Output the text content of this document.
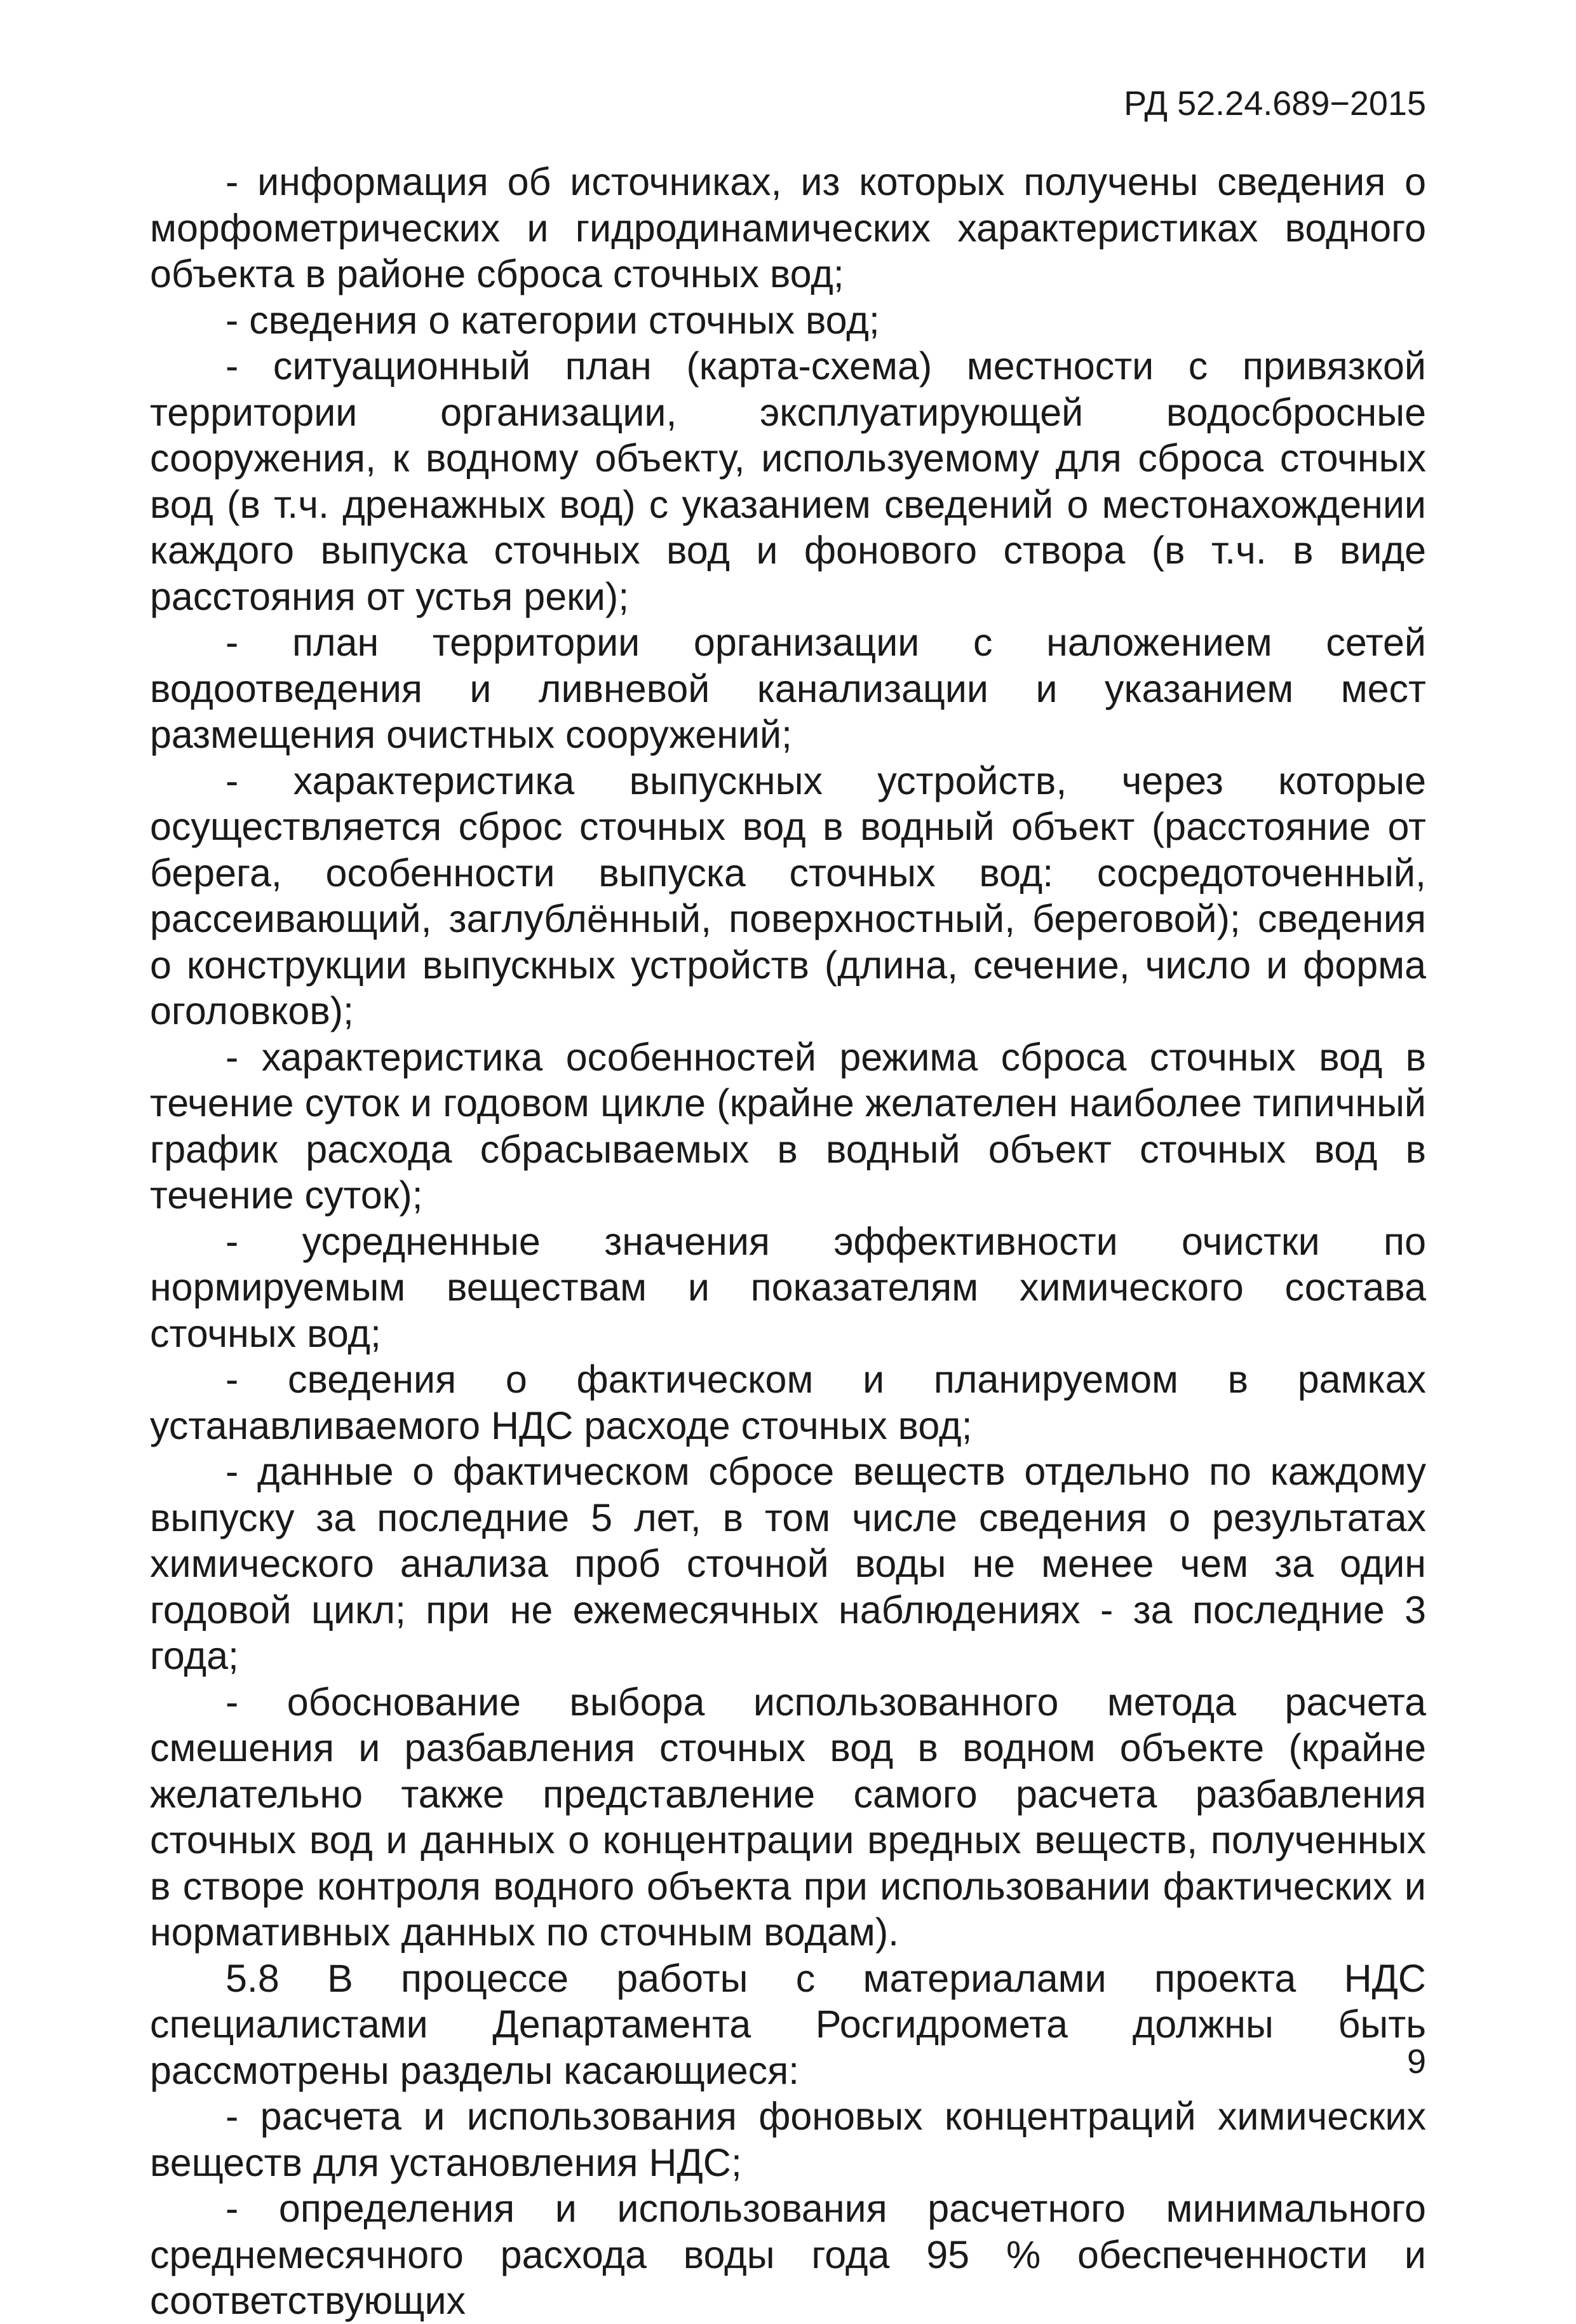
РД 52.24.689−2015

- информация об источниках, из которых получены сведения о морфометрических и гидродинамических характеристиках водного объекта в районе сброса сточных вод;

- сведения о категории сточных вод;

- ситуационный план (карта-схема) местности с привязкой территории организации, эксплуатирующей водосбросные сооружения, к водному объекту, используемому для сброса сточных вод (в т.ч. дренажных вод) с указанием сведений о местонахождении каждого выпуска сточных вод и фонового створа (в т.ч. в виде расстояния от устья реки);

- план территории организации с наложением сетей водоотведения и ливневой канализации и указанием мест размещения очистных сооружений;

- характеристика выпускных устройств, через которые осуществляется сброс сточных вод в водный объект (расстояние от берега, особенности выпуска сточных вод: сосредоточенный, рассеивающий, заглублённый, поверхностный, береговой); сведения о конструкции выпускных устройств (длина, сечение, число и форма оголовков);

- характеристика особенностей режима сброса сточных вод в течение суток и годовом цикле (крайне желателен наиболее типичный график расхода сбрасываемых в водный объект сточных вод в течение суток);

- усредненные значения эффективности очистки по нормируемым веществам и показателям химического состава сточных вод;

- сведения о фактическом и планируемом в рамках устанавливаемого НДС расходе сточных вод;

- данные о фактическом сбросе веществ отдельно по каждому выпуску за последние 5 лет, в том числе сведения о результатах химического анализа проб сточной воды не менее чем за один годовой цикл; при не ежемесячных наблюдениях - за последние 3 года;

- обоснование выбора использованного метода расчета смешения и разбавления сточных вод в водном объекте (крайне желательно также представление самого расчета разбавления сточных вод и данных о концентрации вредных веществ, полученных в створе контроля водного объекта при использовании фактических и нормативных данных по сточным водам).

5.8 В процессе работы с материалами проекта НДС специалистами Департамента Росгидромета должны быть рассмотрены разделы касающиеся:

- расчета и использования фоновых концентраций химических веществ для установления НДС;

- определения и использования расчетного минимального среднемесячного расхода воды года 95 % обеспеченности и соответствующих

9
